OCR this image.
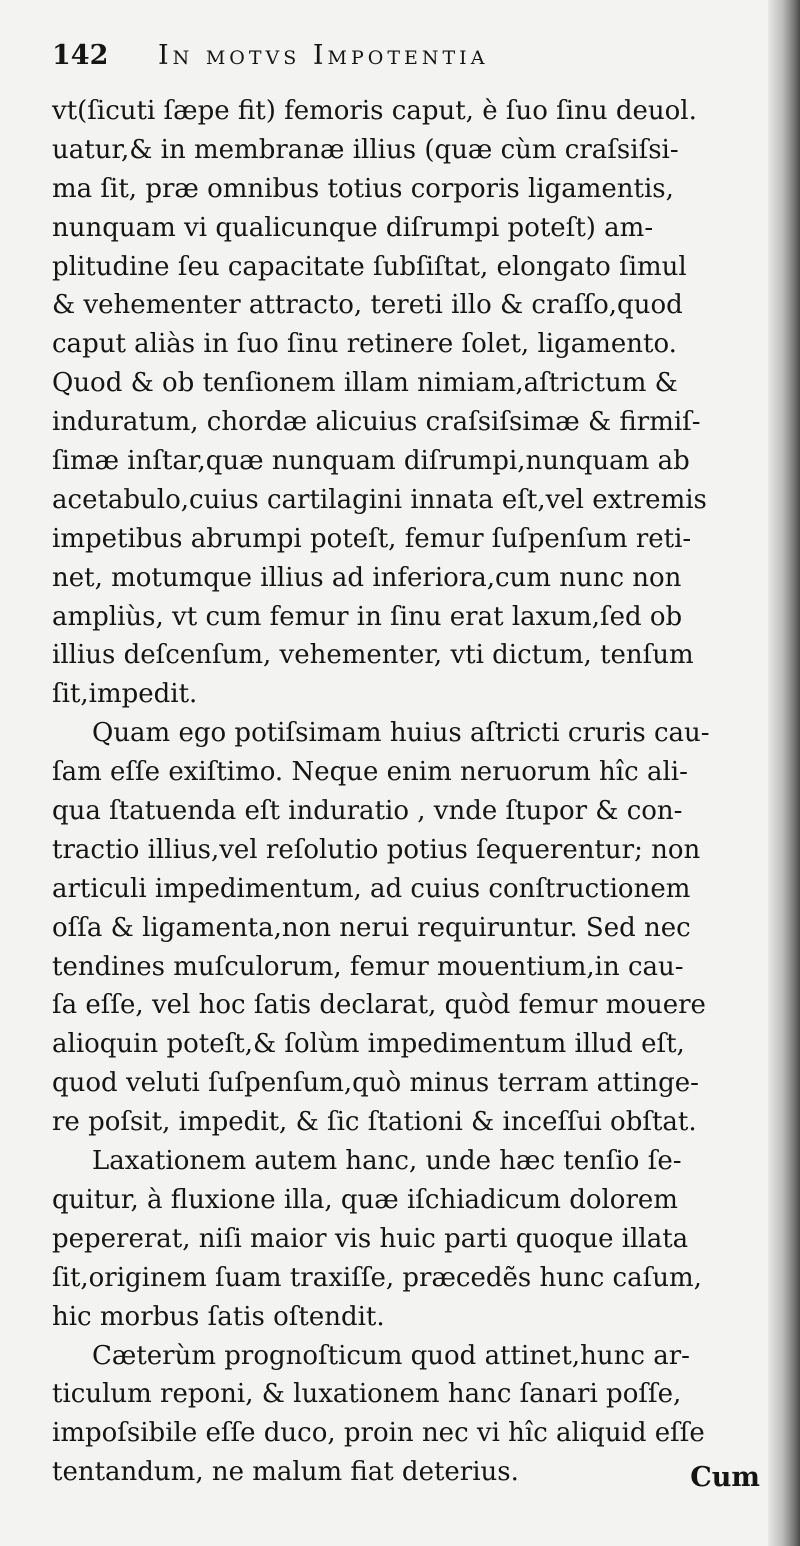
142 In motvs Impotentia
vt(ſicuti ſæpe fit) femoris caput, è ſuo ſinu deuol.
uatur,& in membranæ illius (quæ cùm craſsiſsi-
ma ſit, præ omnibus totius corporis ligamentis,
nunquam vi qualicunque diſrumpi poteſt) am-
plitudine ſeu capacitate ſubſiſtat, elongato ſimul
& vehementer attracto, tereti illo & craſſo,quod
caput aliàs in ſuo ſinu retinere ſolet, ligamento.
Quod & ob tenſionem illam nimiam,aſtrictum &
induratum, chordæ alicuius craſsiſsimæ & firmiſ-
ſimæ inſtar,quæ nunquam diſrumpi,nunquam ab
acetabulo,cuius cartilagini innata eſt,vel extremis
impetibus abrumpi poteſt, femur ſuſpenſum reti-
net, motumque illius ad inferiora,cum nunc non
ampliùs, vt cum femur in ſinu erat laxum,ſed ob
illius deſcenſum, vehementer, vti dictum, tenſum
ſit,impedit.
Quam ego potiſsimam huius aſtricti cruris cau-
ſam eſſe exiſtimo. Neque enim neruorum hîc ali-
qua ſtatuenda eſt induratio , vnde ſtupor & con-
tractio illius,vel reſolutio potius ſequerentur; non
articuli impedimentum, ad cuius conſtructionem
oſſa & ligamenta,non nerui requiruntur. Sed nec
tendines muſculorum, femur mouentium,in cau-
ſa eſſe, vel hoc ſatis declarat, quòd femur mouere
alioquin poteſt,& ſolùm impedimentum illud eſt,
quod veluti ſuſpenſum,quò minus terram attinge-
re poſsit, impedit, & ſic ſtationi & inceſſui obſtat.
Laxationem autem hanc, unde hæc tenſio ſe-
quitur, à fluxione illa, quæ iſchiadicum dolorem
pepererat, niſi maior vis huic parti quoque illata
ſit,originem ſuam traxiſſe, præcedẽs hunc caſum,
hic morbus ſatis oſtendit.
Cæterùm prognoſticum quod attinet,hunc ar-
ticulum reponi, & luxationem hanc ſanari poſſe,
impoſsibile eſſe duco, proin nec vi hîc aliquid eſſe
tentandum, ne malum fiat deterius.	Cum
